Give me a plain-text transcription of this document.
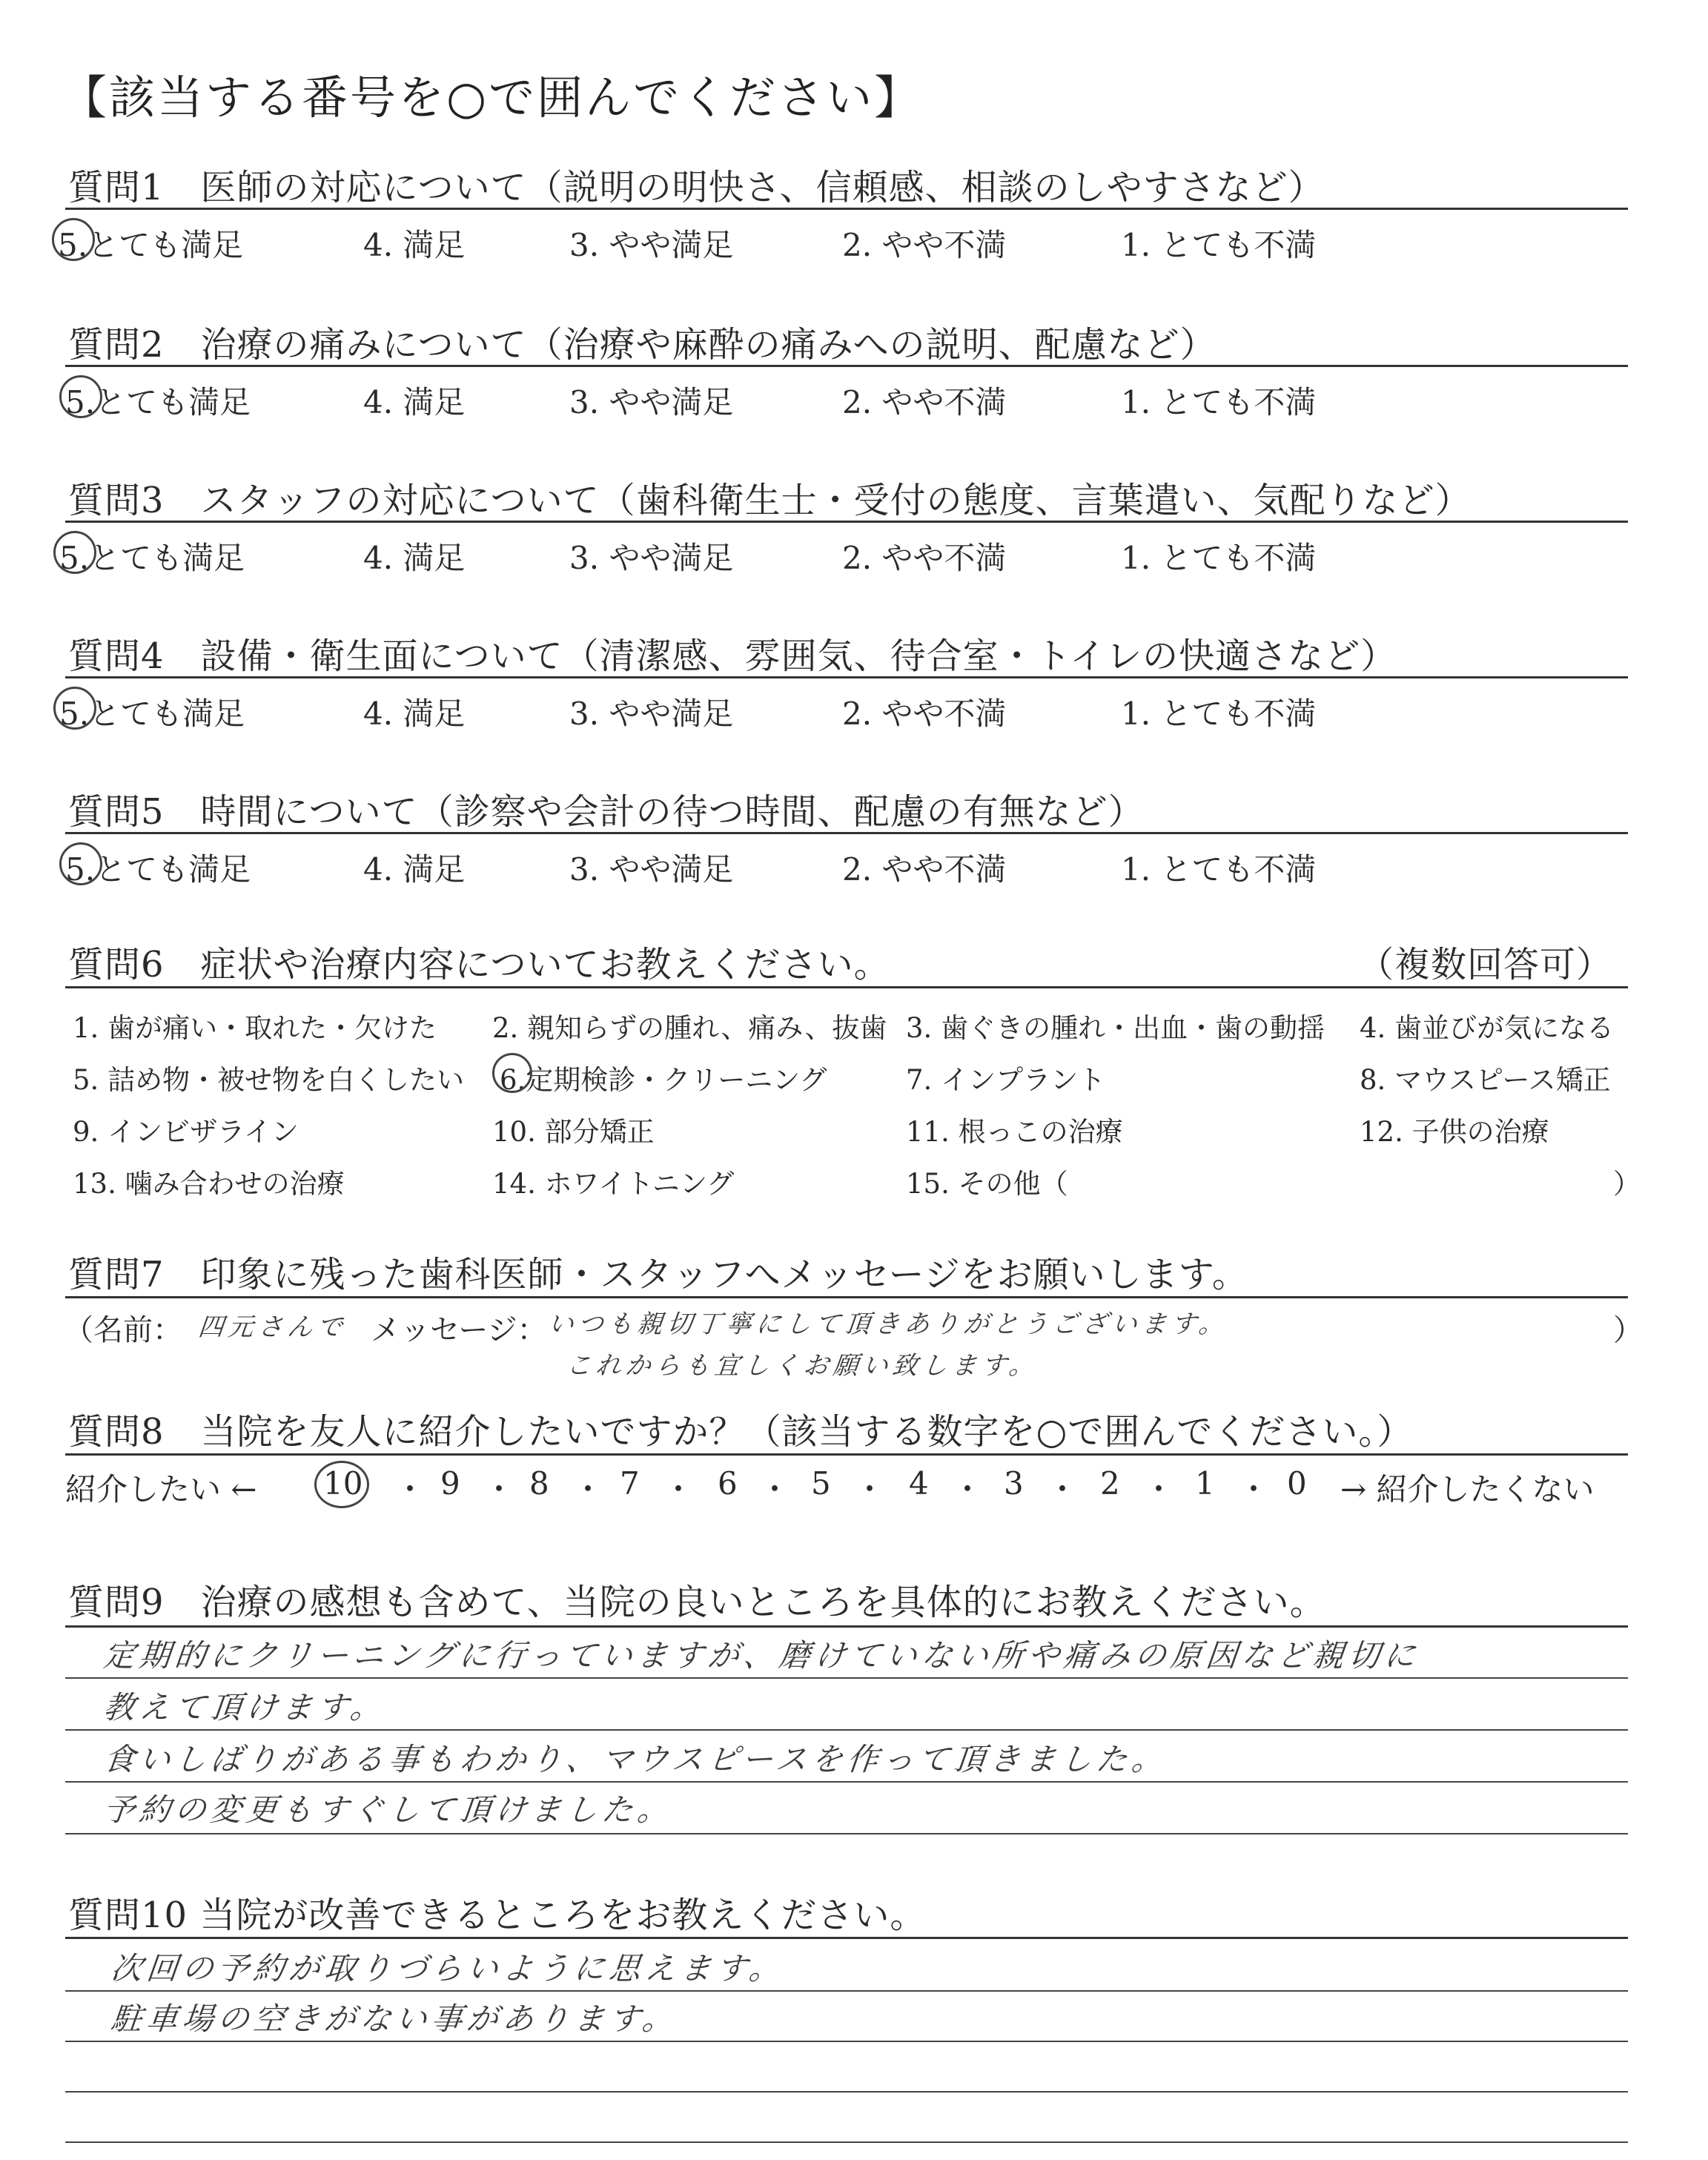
【該当する番号を○で囲んでください】
質問1　医師の対応について（説明の明快さ、信頼感、相談のしやすさなど）
5.とても満足	4. 満足	3. やや満足	2. やや不満	1. とても不満
質問2　治療の痛みについて（治療や麻酔の痛みへの説明、配慮など）
5.とても満足	4. 満足	3. やや満足	2. やや不満	1. とても不満
質問3　スタッフの対応について（歯科衛生士・受付の態度、言葉遣い、気配りなど）
5.とても満足	4. 満足	3. やや満足	2. やや不満	1. とても不満
質問4　設備・衛生面について（清潔感、雰囲気、待合室・トイレの快適さなど）
5.とても満足	4. 満足	3. やや満足	2. やや不満	1. とても不満
質問5　時間について（診察や会計の待つ時間、配慮の有無など）
5.とても満足	4. 満足	3. やや満足	2. やや不満	1. とても不満
質問6　症状や治療内容についてお教えください。	（複数回答可）
1. 歯が痛い・取れた・欠けた 2. 親知らずの腫れ、痛み、抜歯 3. 歯ぐきの腫れ・出血・歯の動揺 4. 歯並びが気になる
5. 詰め物・被せ物を白くしたい 6.定期検診・クリーニング	7. インプラント	8. マウスピース矯正
9. インビザライン	10. 部分矯正	11. 根っこの治療	12. 子供の治療
13. 噛み合わせの治療	14. ホワイトニング	15. その他（	）
質問7　印象に残った歯科医師・スタッフへメッセージをお願いします。
（名前： 四元さんで メッセージ： いつも親切丁寧にして頂きありがとうございます。
これからも宜しくお願い致します。
）
質問8　当院を友人に紹介したいですか？（該当する数字を○で囲んでください。）
紹介したい ← 10 ・ 9 ・ 8 ・ 7 ・ 6 ・ 5 ・ 4 ・ 3 ・ 2 ・ 1 ・ 0 → 紹介したくない
質問9　治療の感想も含めて、当院の良いところを具体的にお教えください。
定期的にクリーニングに行っていますが、磨けていない所や痛みの原因など親切に
教えて頂けます。
食いしばりがある事もわかり、マウスピースを作って頂きました。
予約の変更もすぐして頂けました。
質問10 当院が改善できるところをお教えください。
次回の予約が取りづらいように思えます。
駐車場の空きがない事があります。
